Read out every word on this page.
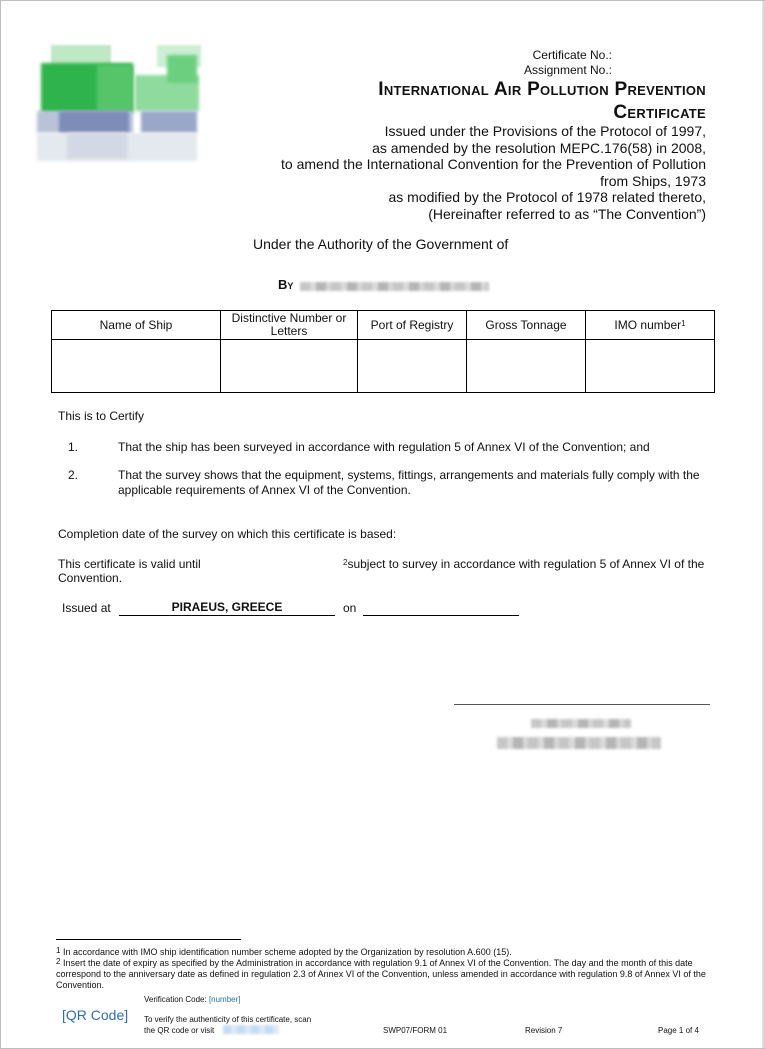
Certificate No.:
Assignment No.:
International Air Pollution Prevention
Certificate
Issued under the Provisions of the Protocol of 1997,
as amended by the resolution MEPC.176(58) in 2008,
to amend the International Convention for the Prevention of Pollution
from Ships, 1973
as modified by the Protocol of 1978 related thereto,
(Hereinafter referred to as “The Convention”)
Under the Authority of the Government of
By
Name of Ship	Distinctive Number or Letters	Port of Registry	Gross Tonnage	IMO number$^1$

This is to Certify
1.	That the ship has been surveyed in accordance with regulation 5 of Annex VI of the Convention; and
2.	That the survey shows that the equipment, systems, fittings, arrangements and materials fully comply with the applicable requirements of Annex VI of the Convention.
Completion date of the survey on which this certificate is based:
This certificate is valid until	$^2$subject to survey in accordance with regulation 5 of Annex VI of the
Convention.
Issued at	PIRAEUS, GREECE	on
$^1$ In accordance with IMO ship identification number scheme adopted by the Organization by resolution A.600 (15).
$^2$ Insert the date of expiry as specified by the Administration in accordance with regulation 9.1 of Annex VI of the Convention. The day and the month of this date correspond to the anniversary date as defined in regulation 2.3 of Annex VI of the Convention, unless amended in accordance with regulation 9.8 of Annex VI of the Convention.
Verification Code: [number]
[QR Code] To verify the authenticity of this certificate, scan
the QR code or visit	SWP07/FORM 01	Revision 7	Page 1 of 4
